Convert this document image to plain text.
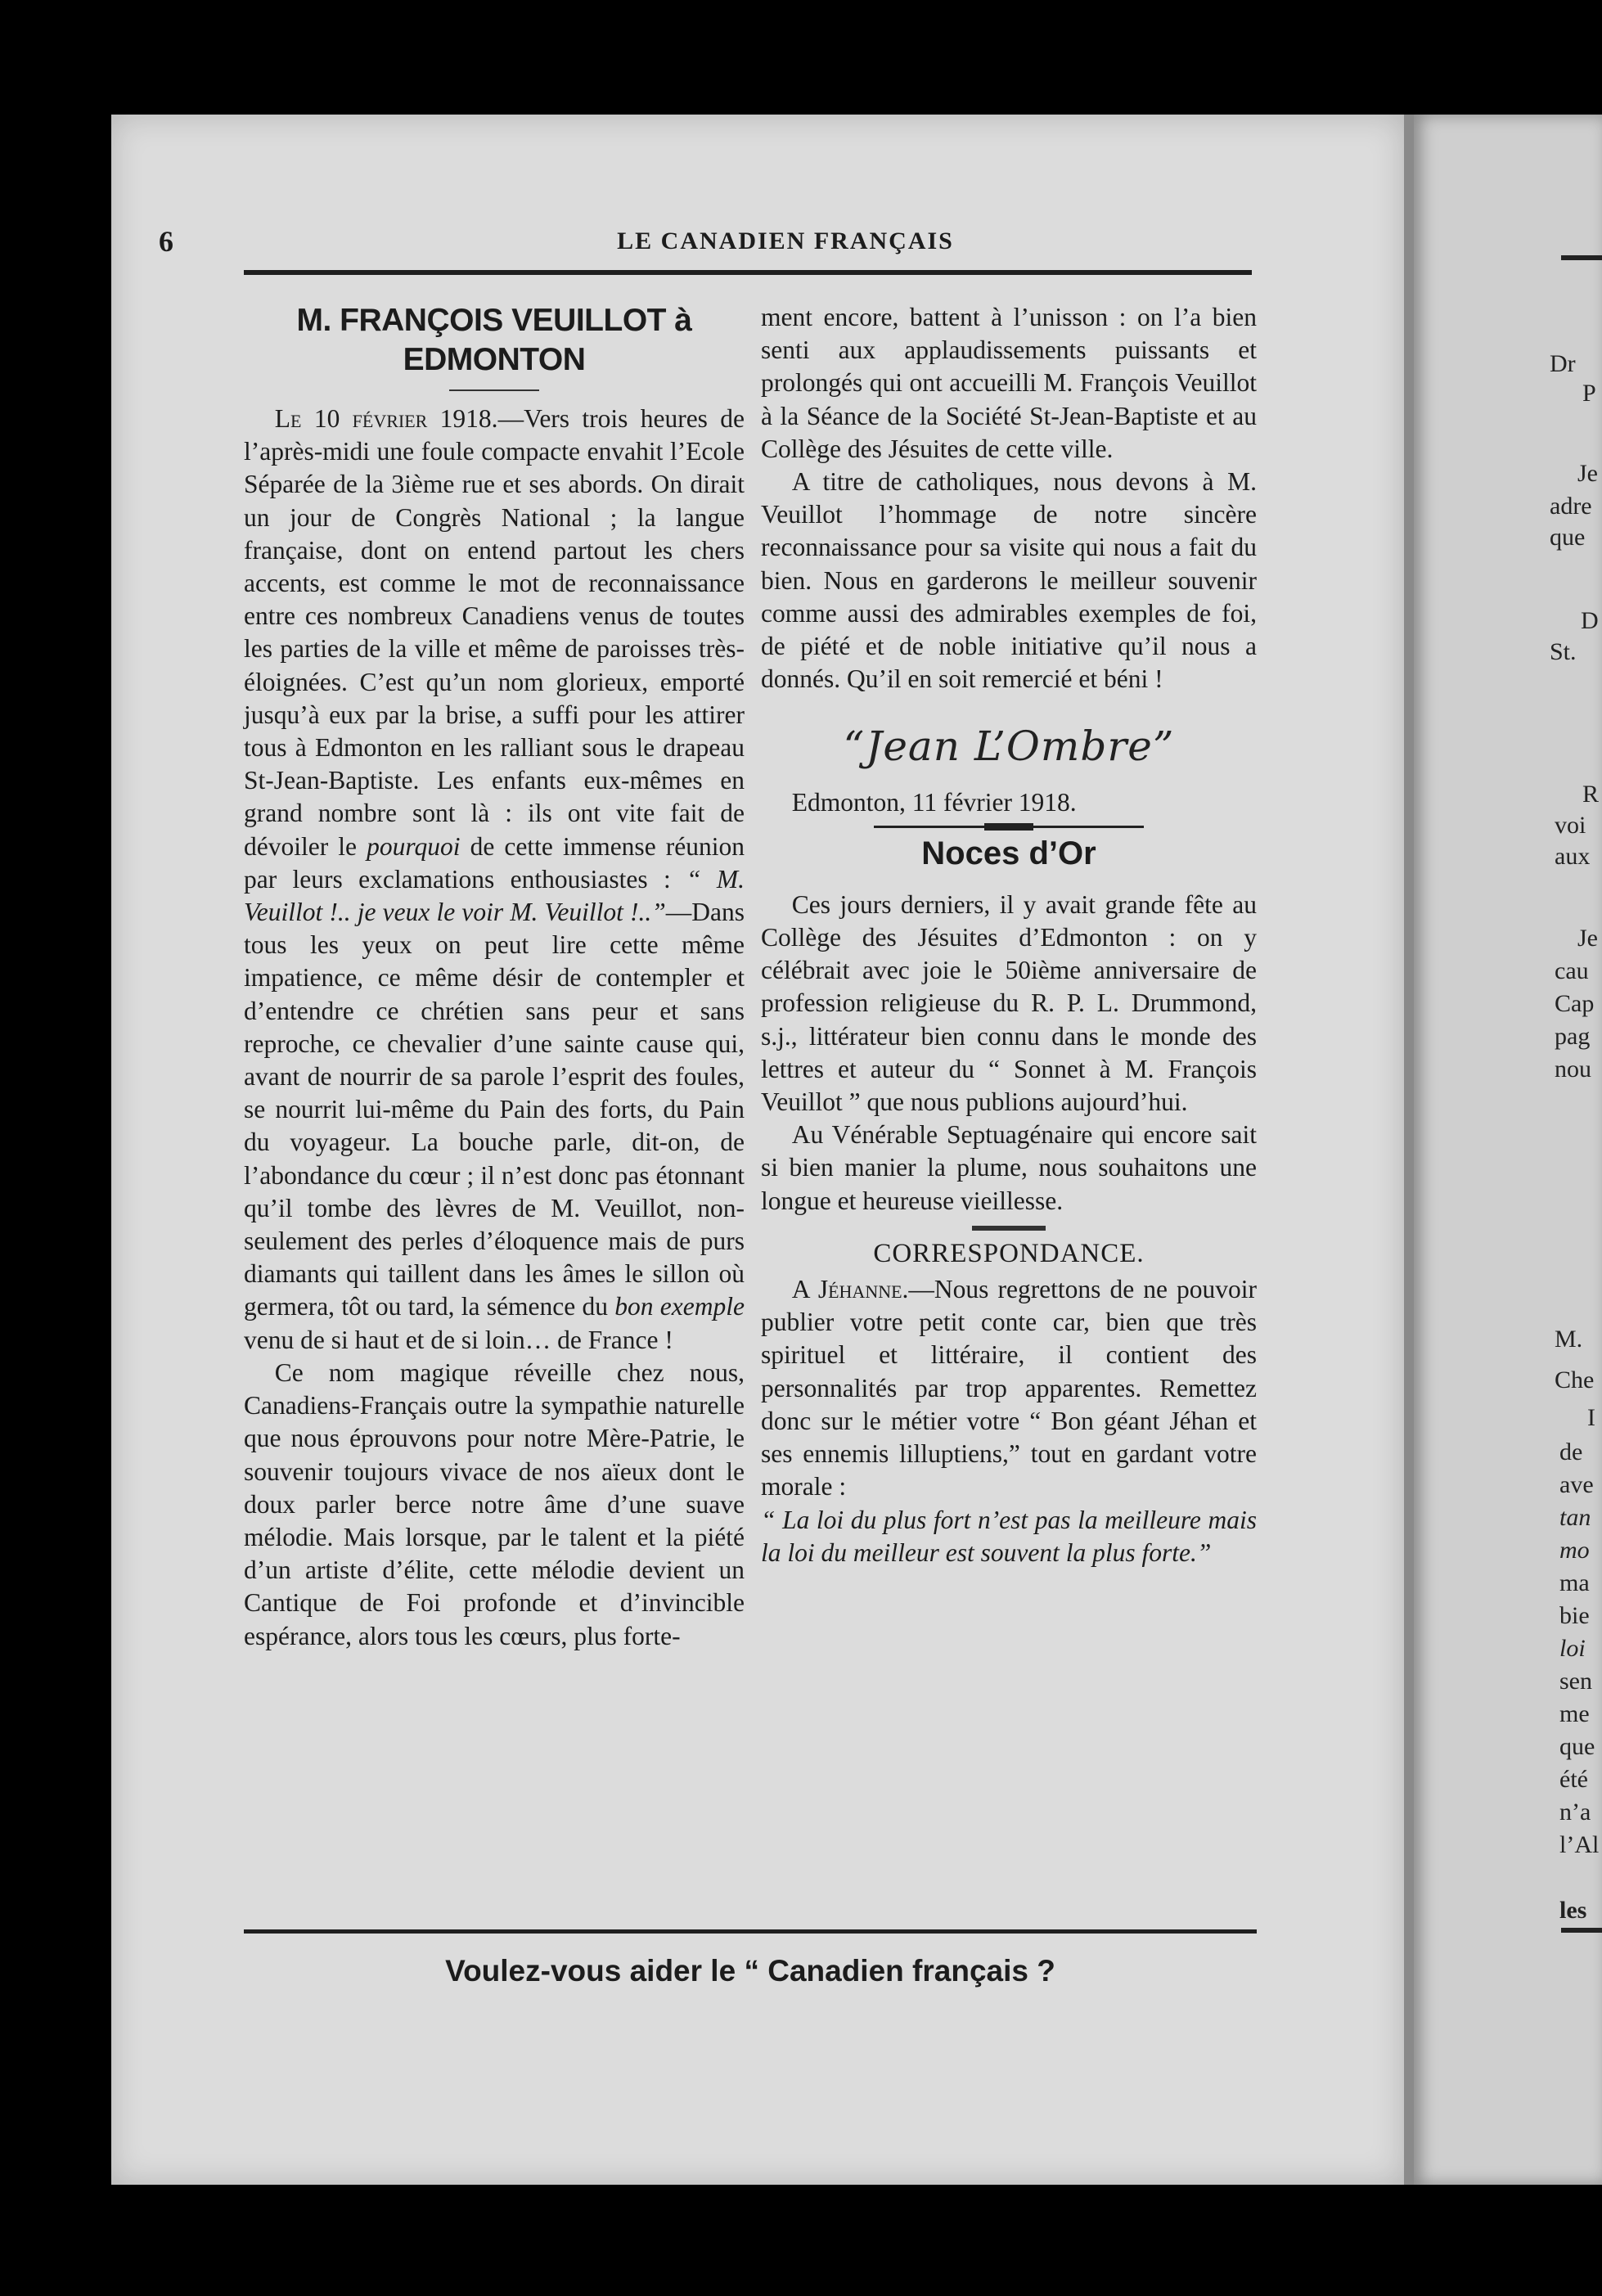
6	LE CANADIEN FRANÇAIS
M. FRANÇOIS VEUILLOT à EDMONTON

Le 10 février 1918.—Vers trois heures de l’après-midi une foule compacte envahit l’Ecole Séparée de la 3ième rue et ses abords. On dirait un jour de Congrès National ; la langue française, dont on entend partout les chers accents, est comme le mot de reconnaissance entre ces nombreux Canadiens venus de toutes les parties de la ville et même de paroisses très-éloignées. C’est qu’un nom glorieux, emporté jusqu’à eux par la brise, a suffi pour les attirer tous à Edmonton en les ralliant sous le drapeau St-Jean-Baptiste. Les enfants eux-mêmes en grand nombre sont là : ils ont vite fait de dévoiler le pourquoi de cette immense réunion par leurs exclamations enthousiastes : “ M. Veuillot !.. je veux le voir M. Veuillot !..”—Dans tous les yeux on peut lire cette même impatience, ce même désir de contempler et d’entendre ce chrétien sans peur et sans reproche, ce chevalier d’une sainte cause qui, avant de nourrir de sa parole l’esprit des foules, se nourrit lui-même du Pain des forts, du Pain du voyageur. La bouche parle, dit-on, de l’abondance du cœur ; il n’est donc pas étonnant qu’il tombe des lèvres de M. Veuillot, non-seulement des perles d’éloquence mais de purs diamants qui taillent dans les âmes le sillon où germera, tôt ou tard, la sémence du bon exemple venu de si haut et de si loin… de France !

Ce nom magique réveille chez nous, Canadiens-Français outre la sympathie naturelle que nous éprouvons pour notre Mère-Patrie, le souvenir toujours vivace de nos aïeux dont le doux parler berce notre âme d’une suave mélodie. Mais lorsque, par le talent et la piété d’un artiste d’élite, cette mélodie devient un Cantique de Foi profonde et d’invincible espérance, alors tous les cœurs, plus forte-

ment encore, battent à l’unisson : on l’a bien senti aux applaudissements puissants et prolongés qui ont accueilli M. François Veuillot à la Séance de la Société St-Jean-Baptiste et au Collège des Jésuites de cette ville.

A titre de catholiques, nous devons à M. Veuillot l’hommage de notre sincère reconnaissance pour sa visite qui nous a fait du bien. Nous en garderons le meilleur souvenir comme aussi des admirables exemples de foi, de piété et de noble initiative qu’il nous a donnés. Qu’il en soit remercié et béni !

“Jean L’Ombre”

Edmonton, 11 février 1918.

Noces d’Or

Ces jours derniers, il y avait grande fête au Collège des Jésuites d’Edmonton : on y célébrait avec joie le 50ième anniversaire de profession religieuse du R. P. L. Drummond, s.j., littérateur bien connu dans le monde des lettres et auteur du “ Sonnet à M. François Veuillot ” que nous publions aujourd’hui.

Au Vénérable Septuagénaire qui encore sait si bien manier la plume, nous souhaitons une longue et heureuse vieillesse.

CORRESPONDANCE.

A Jéhanne.—Nous regrettons de ne pouvoir publier votre petit conte car, bien que très spirituel et littéraire, il contient des personnalités par trop apparentes. Remettez donc sur le métier votre “ Bon géant Jéhan et ses ennemis lilluptiens,” tout en gardant votre morale :

“ La loi du plus fort n’est pas la meilleure mais la loi du meilleur est souvent la plus forte.”

Voulez-vous aider le “ Canadien français ?
Dr
P
Je
adre
que
D
St.
R
voi
aux
Je
cau
Cap
pag
nou
M.
Che
I
de
ave
tan
mo
ma
bie
loi
sen
me
que
été
n’a
l’Al
les
